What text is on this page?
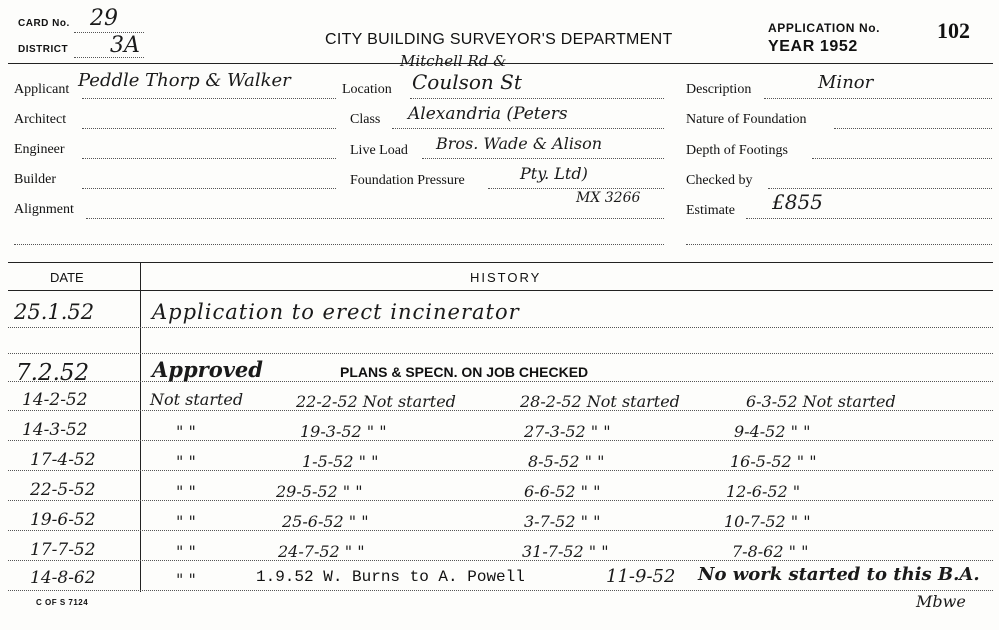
CARD No. 29
DISTRICT 3A	CITY BUILDING SURVEYOR'S DEPARTMENT
APPLICATION No.
YEAR 1952
102
Applicant Peddle Thorp & Walker
Architect
Engineer
Builder
Alignment
Mitchell Rd &
Location Coulson St
Class Alexandria (Peters
Live Load Bros. Wade & Alison
Foundation Pressure	Pty. Ltd)
MX 3266
Description	Minor
Nature of Foundation
Depth of Footings
Checked by
Estimate £855
DATE	HISTORY
25.1.52	Application to erect incinerator
7.2.52	Approved	PLANS & SPECN. ON JOB CHECKED
14-2-52	Not started	22-2-52 Not started	28-2-52 Not started	6-3-52 Not started
14-3-52	" "	19-3-52 " "	27-3-52 " "	9-4-52 " "
17-4-52	" "	1-5-52 " "	8-5-52 " "	16-5-52 " "
22-5-52	" "	29-5-52 " "	6-6-52 " "	12-6-52 "
19-6-52	" "	25-6-52 " "	3-7-52 " "	10-7-52 " "
17-7-52	" "	24-7-52 " "	31-7-52 " "	7-8-62 " "
14-8-62	" "	1.9.52 W. Burns to A. Powell	11-9-52 No work started to this B.A.
Mbwe
C OF S 7124
